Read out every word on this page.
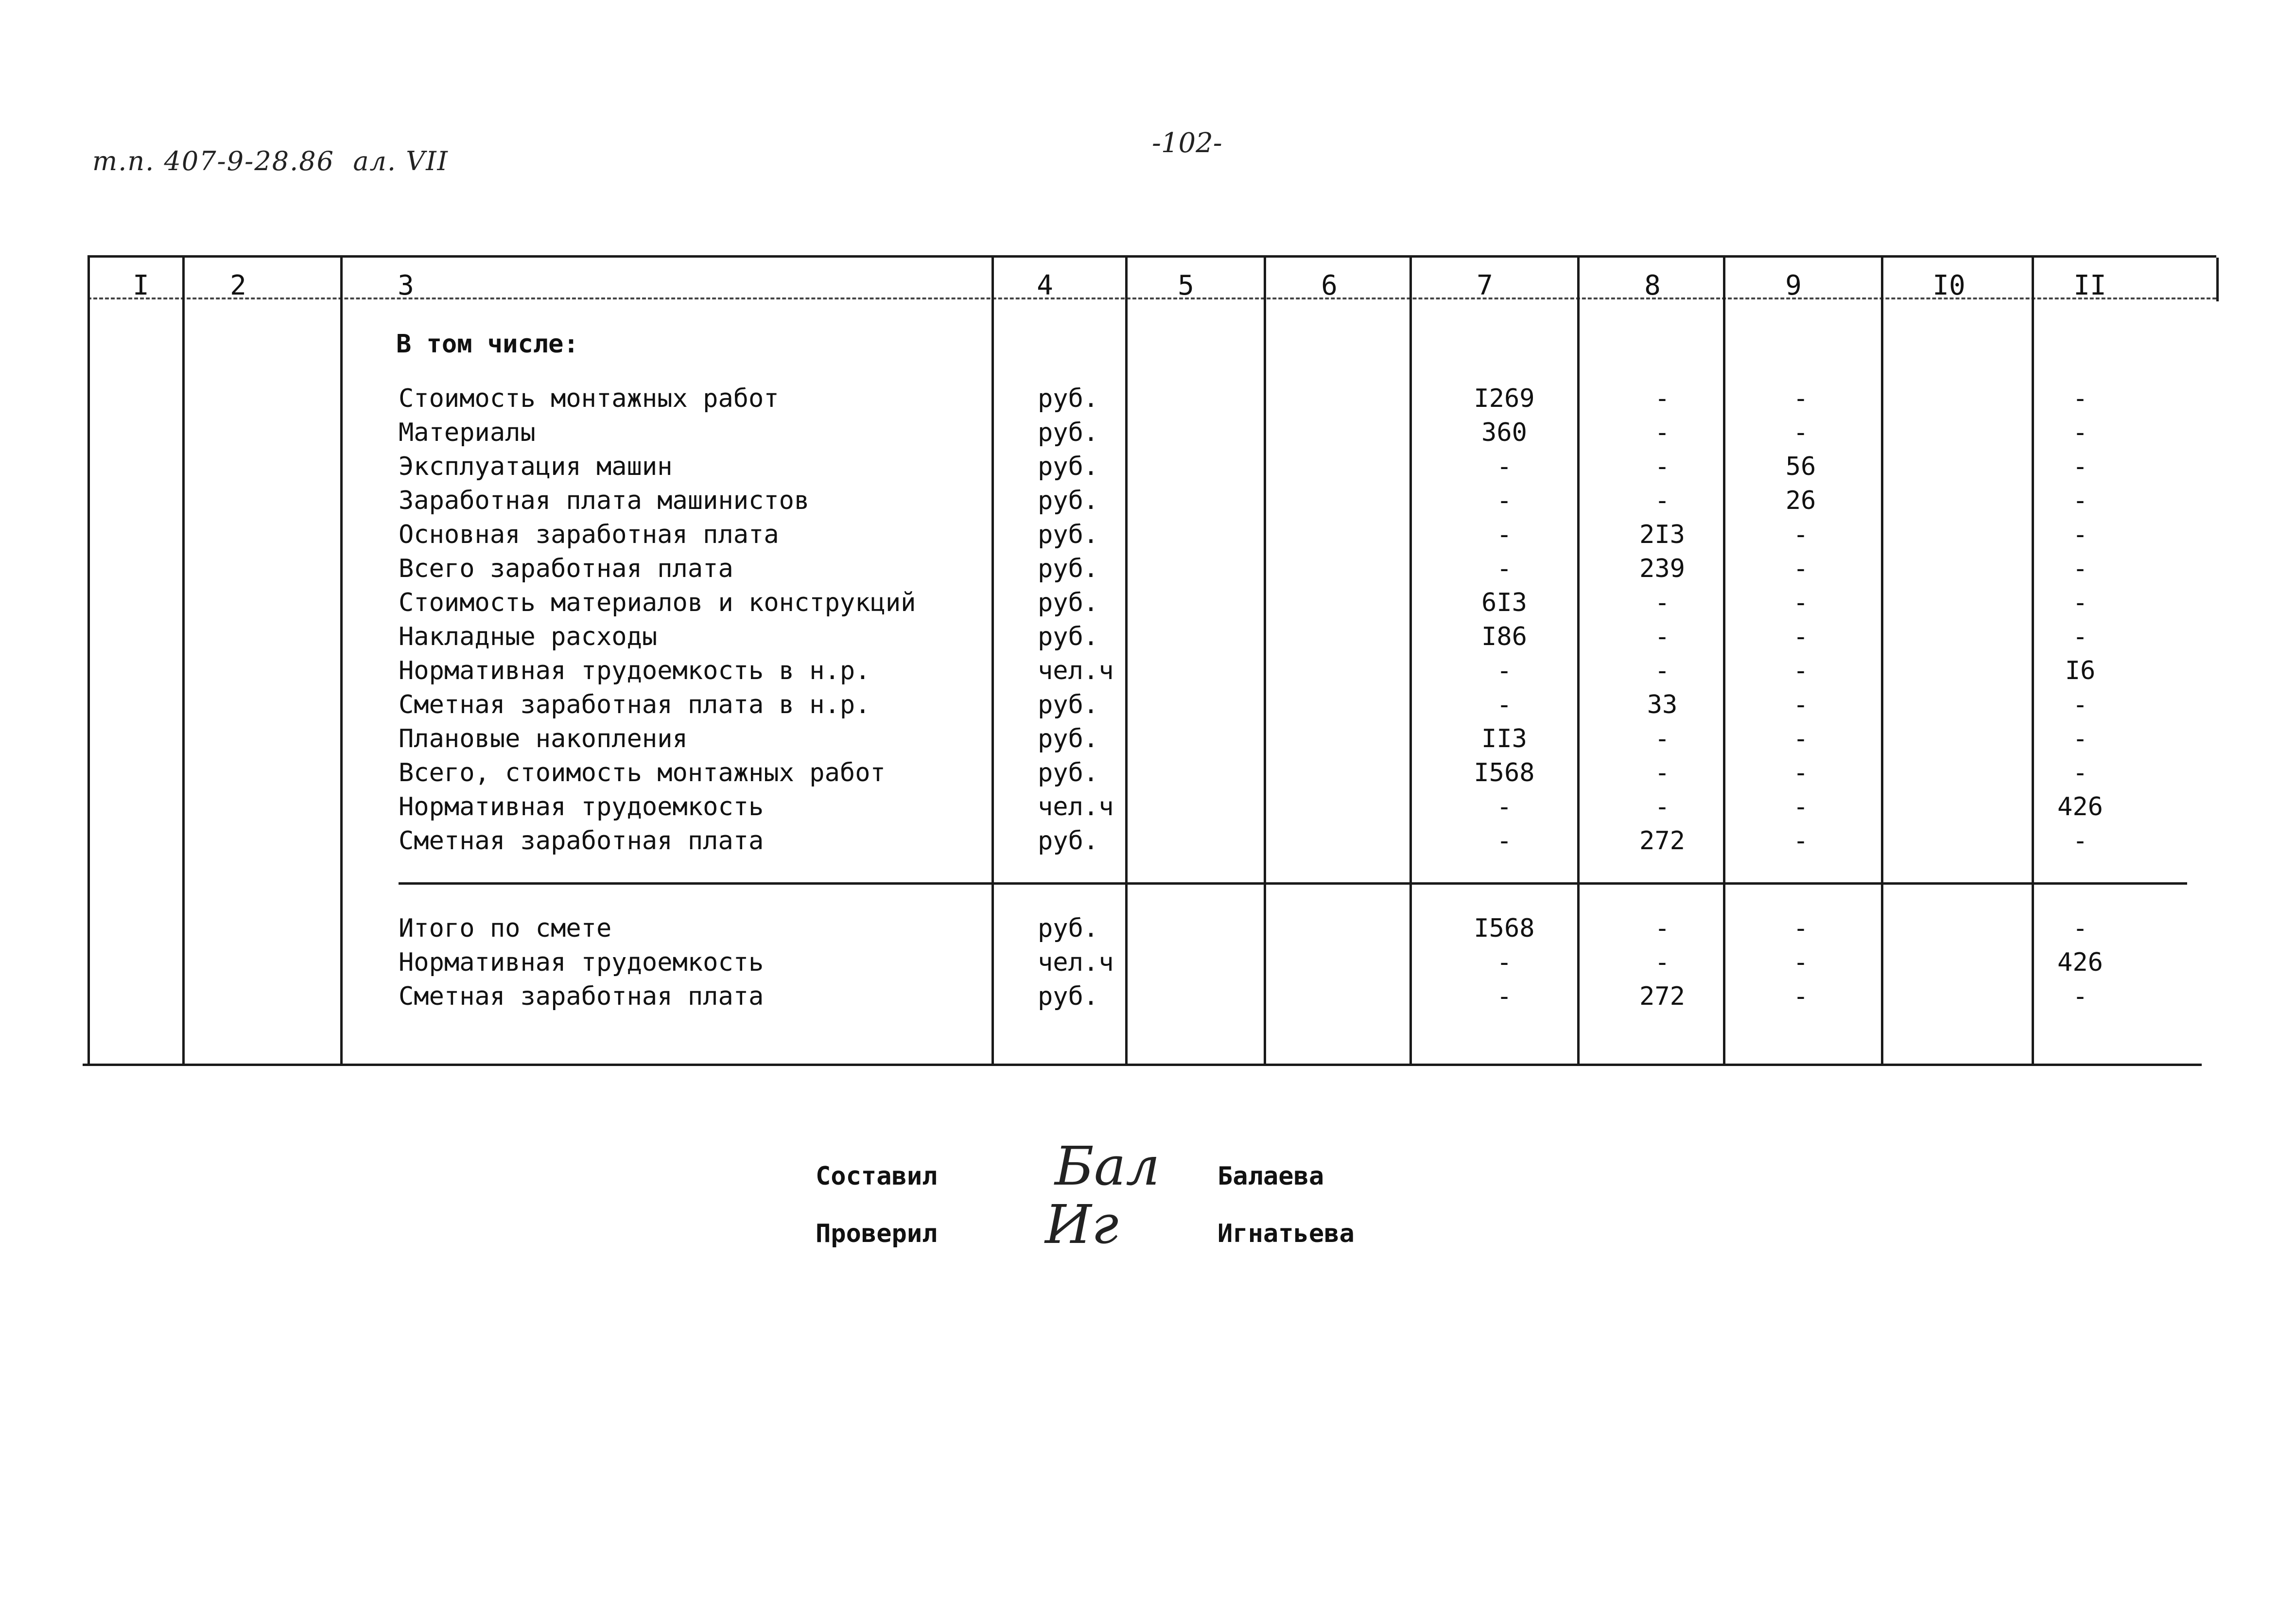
т.п. 407-9-28.86  ал. VII
-102-
I	2	3	4	5	6	7	8	9	I0	II
В том числе:
Стоимость монтажных работ	руб.	I269	-	-	-
Материалы	руб.	360	-	-	-
Эксплуатация машин	руб.	-	-	56	-
Заработная плата машинистов	руб.	-	-	26	-
Основная заработная плата	руб.	-	2I3	-	-
Всего заработная плата	руб.	-	239	-	-
Стоимость материалов и конструкций	руб.	6I3	-	-	-
Накладные расходы	руб.	I86	-	-	-
Нормативная трудоемкость в н.р.	чел.ч	-	-	-	I6
Сметная заработная плата в н.р.	руб.	-	33	-	-
Плановые накопления	руб.	II3	-	-	-
Всего, стоимость монтажных работ	руб.	I568	-	-	-
Нормативная трудоемкость	чел.ч	-	-	-	426
Сметная заработная плата	руб.	-	272	-	-
Итого по смете	руб.	I568	-	-	-
Нормативная трудоемкость	чел.ч	-	-	-	426
Сметная заработная плата	руб.	-	272	-	-
Составил Бал Балаева
Проверил Иг	Игнатьева
